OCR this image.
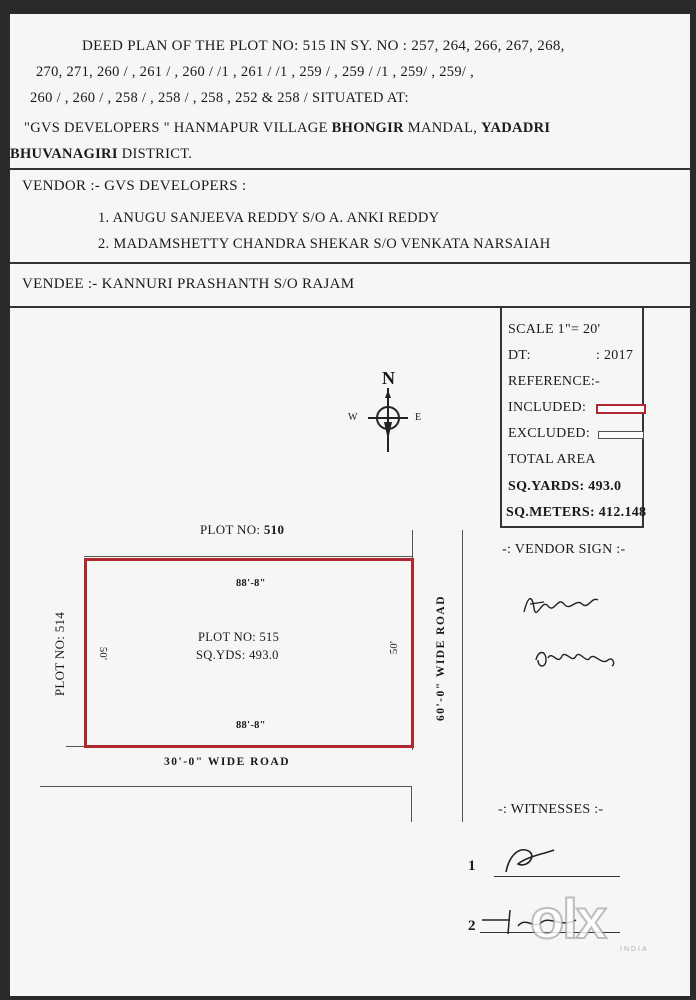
DEED PLAN OF THE PLOT NO: 515 IN SY. NO : 257, 264, 266, 267, 268,
270, 271, 260 / , 261 / , 260 / /1 , 261 / /1 , 259 / , 259 / /1 , 259/ , 259/ ,
260 / , 260 / , 258 / , 258 / , 258 , 252 & 258 / SITUATED AT:
"GVS DEVELOPERS " HANMAPUR VILLAGE BHONGIR MANDAL, YADADRI
BHUVANAGIRI DISTRICT.
VENDOR :- GVS DEVELOPERS :
1. ANUGU SANJEEVA REDDY S/O A. ANKI REDDY
2. MADAMSHETTY CHANDRA SHEKAR S/O VENKATA NARSAIAH
VENDEE :- KANNURI PRASHANTH S/O RAJAM
SCALE 1"= 20'
DT:	: 2017
REFERENCE:-
INCLUDED:
EXCLUDED:
TOTAL AREA
SQ.YARDS: 493.0
SQ.METERS: 412.148
N
W	E
PLOT NO: 510
88'-8"
88'-8"
50'	50'
PLOT NO: 515
SQ.YDS: 493.0
PLOT NO: 514
30'-0" WIDE ROAD
60'-0" WIDE ROAD
-: VENDOR SIGN :-
-: WITNESSES :-
1
2 olx INDIA
